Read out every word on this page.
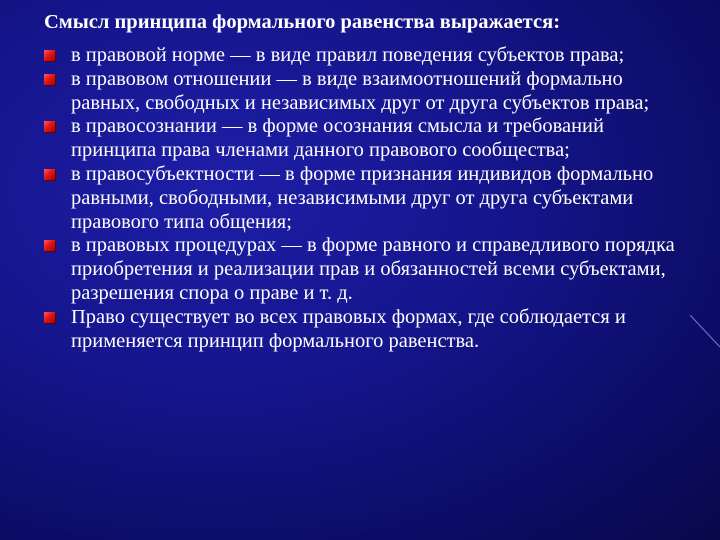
Смысл принципа формального равенства выражается:
в правовой норме — в виде правил поведения субъектов права;
в правовом отношении — в виде взаимоотношений формально равных, свободных и независимых друг от друга субъектов права;
в правосознании — в форме осознания смысла и требований принципа права членами данного правового сообщества;
в правосубъектности — в форме признания индивидов формально равными, свободными, независимыми друг от друга субъектами правового типа общения;
в правовых процедурах — в форме равного и справедливого порядка приобретения и реализации прав и обязанностей всеми субъектами, разрешения спора о праве и т. д.
Право существует во всех правовых формах, где соблюдается и применяется принцип формального равенства.
